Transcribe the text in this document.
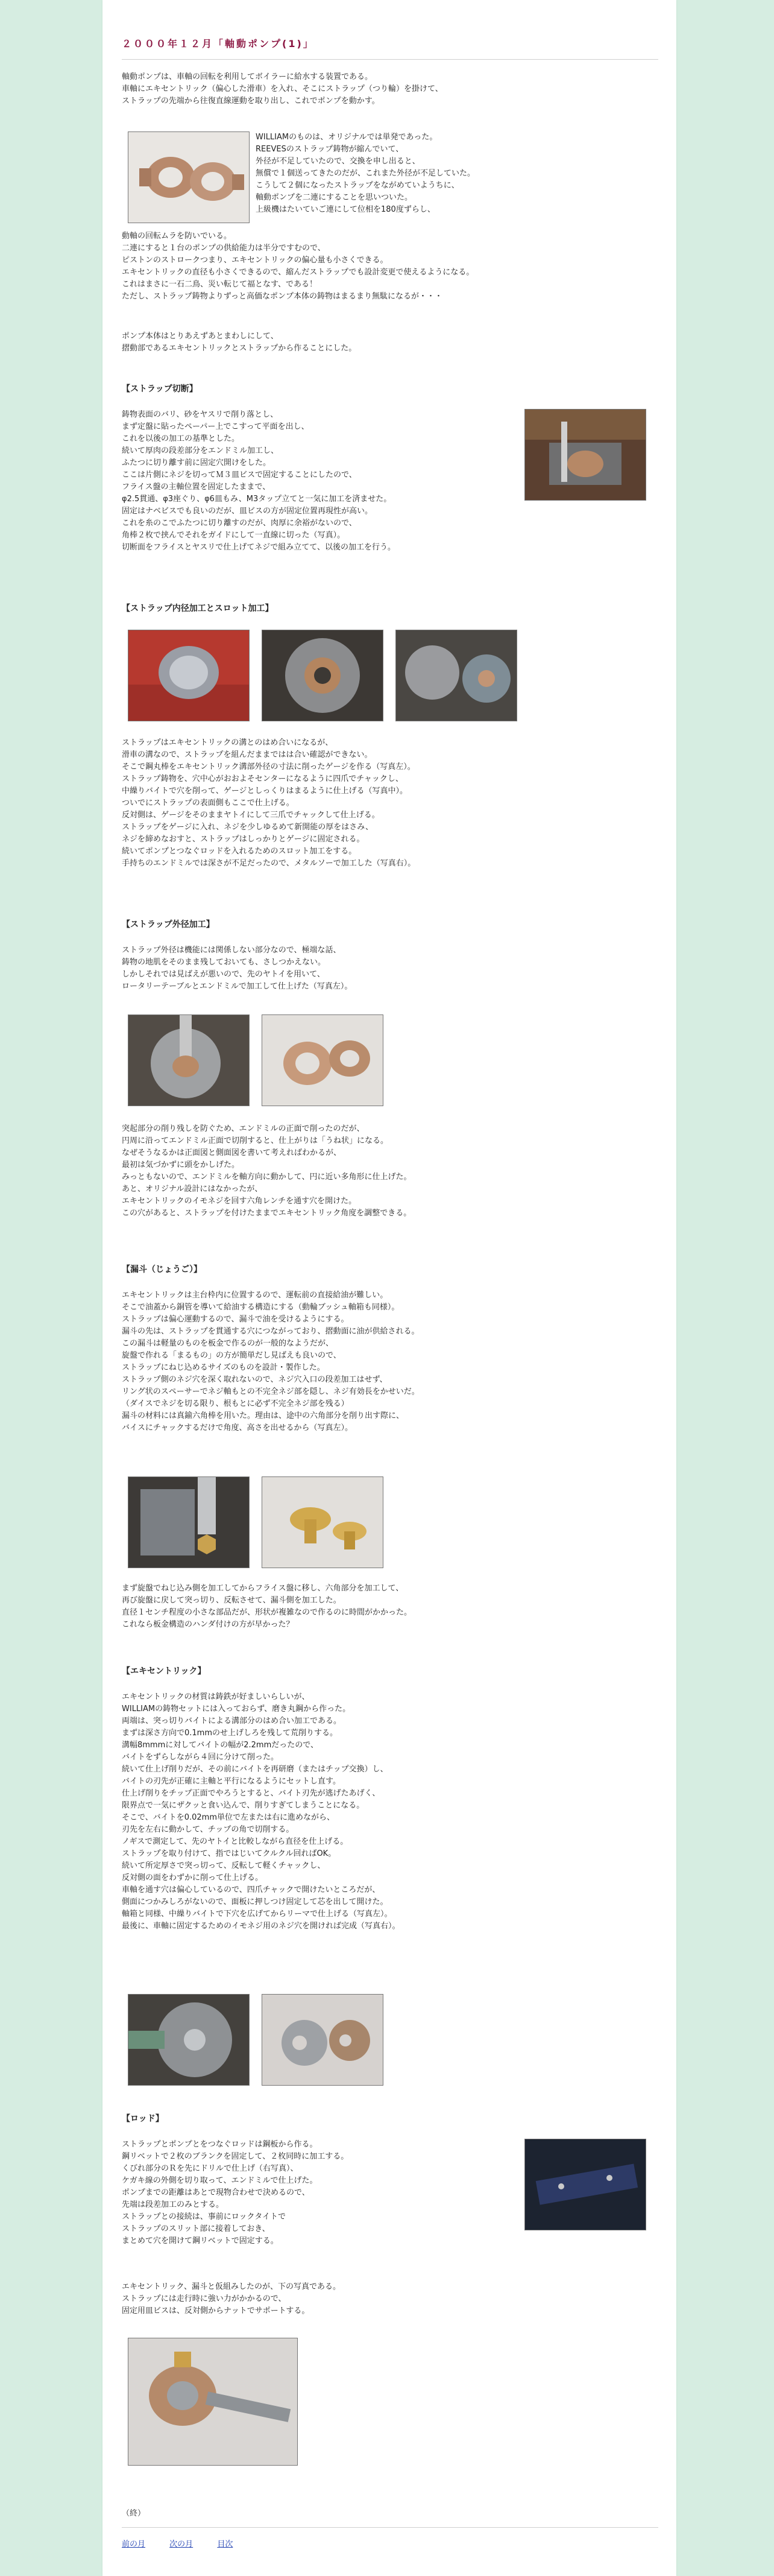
２０００年１２月「軸動ポンプ(1)」
軸動ポンプは、車軸の回転を利用してボイラーに給水する装置である。
車軸にエキセントリック（偏心した滑車）を入れ、そこにストラップ（つり輪）を掛けて、
ストラップの先端から往復直線運動を取り出し、これでポンプを動かす。
WILLIAMのものは、オリジナルでは単発であった。
REEVESのストラップ鋳物が縮んでいて、
外径が不足していたので、交換を申し出ると、
無償で１個送ってきたのだが、これまた外径が不足していた。
こうして２個になったストラップをながめていようちに、
軸動ポンプを二連にすることを思いついた。
上級機はたいていご連にして位相を180度ずらし、
動軸の回転ムラを防いでいる。
二連にすると１台のポンプの供給能力は半分ですむので、
ピストンのストロークつまり、エキセントリックの偏心量も小さくできる。
エキセントリックの直径も小さくできるので、縮んだストラップでも設計変更で使えるようになる。
これはまさに一石二鳥、災い転じて福となす、である！
ただし、ストラップ鋳物よりずっと高価なポンプ本体の鋳物はまるまり無駄になるが・・・
ポンプ本体はとりあえずあとまわしにして、
摺動部であるエキセントリックとストラップから作ることにした。
【ストラップ切断】
鋳物表面のバリ、砂をヤスリで削り落とし、
まず定盤に貼ったペーパー上でこすって平面を出し、
これを以後の加工の基準とした。
続いて厚肉の段差部分をエンドミル加工し、
ふたつに切り離す前に固定穴開けをした。
ここは片側にネジを切ってＭ３皿ビスで固定することにしたので、
フライス盤の主軸位置を固定したままで、
φ2.5貫通、φ3座ぐり、φ6皿もみ、M3タップ立てと一気に加工を済ませた。
固定はナベビスでも良いのだが、皿ビスの方が固定位置再現性が高い。
これを糸のこでふたつに切り離すのだが、肉厚に余裕がないので、
角棒２枚で挟んでそれをガイドにして一直線に切った（写真）。
切断面をフライスとヤスリで仕上げてネジで組み立てて、以後の加工を行う。
【ストラップ内径加工とスロット加工】
ストラップはエキセントリックの溝とのはめ合いになるが、
滑車の溝なので、ストラップを組んだままではは合い確認ができない。
そこで鋼丸棒をエキセントリック溝部外径の寸法に削ったゲージを作る（写真左）。
ストラップ鋳物を、穴中心がおおよそセンターになるように四爪でチャックし、
中繰りバイトで穴を削って、ゲージとしっくりはまるように仕上げる（写真中）。
ついでにストラップの表面側もここで仕上げる。
反対側は、ゲージをそのままヤトイにして三爪でチャックして仕上げる。
ストラップをゲージに入れ、ネジを少しゆるめて新開能の厚をはさみ、
ネジを締めなおすと、ストラップはしっかりとゲージに固定される。
続いてポンプとつなぐロッドを入れるためのスロット加工をする。
手持ちのエンドミルでは深さが不足だったので、メタルソーで加工した（写真右）。
【ストラップ外径加工】
ストラップ外径は機能には関係しない部分なので、極端な話、
鋳物の地肌をそのまま残しておいても、さしつかえない。
しかしそれでは見ばえが悪いので、先のヤトイを用いて、
ロータリーテーブルとエンドミルで加工して仕上げた（写真左）。
突起部分の削り残しを防ぐため、エンドミルの正面で削ったのだが、
円周に沿ってエンドミル正面で切削すると、仕上がりは「うね状」になる。
なぜそうなるかは正面図と側面図を書いて考えればわかるが、
最初は気づかずに頭をかしげた。
みっともないので、エンドミルを軸方向に動かして、円に近い多角形に仕上げた。
あと、オリジナル設計にはなかったが、
エキセントリックのイモネジを回す六角レンチを通す穴を開けた。
この穴があると、ストラップを付けたままでエキセントリック角度を調整できる。
【漏斗（じょうご）】
エキセントリックは主台枠内に位置するので、運転前の直接給油が難しい。
そこで油蓋から銅管を導いて給油する構造にする（動輪ブッシュ軸箱も同様）。
ストラップは偏心運動するので、漏斗で油を受けるようにする。
漏斗の先は、ストラップを貫通する穴につながっており、摺動面に油が供給される。
この漏斗は軽量のものを板金で作るのが一般的なようだが、
旋盤で作れる「まるもの」の方が簡単だし見ばえも良いので、
ストラップにねじ込めるサイズのものを設計・製作した。
ストラップ側のネジ穴を深く取れないので、ネジ穴入口の段差加工はせず、
リング状のスペーサーでネジ軸もとの不完全ネジ部を隠し、ネジ有効長をかせいだ。
（ダイスでネジを切る限り、根もとに必ず不完全ネジ部を残る）
漏斗の材料には真鍮六角棒を用いた。理由は、途中の六角部分を削り出す際に、
バイスにチャックするだけで角度、高さを出せるから（写真左）。
まず旋盤でねじ込み側を加工してからフライス盤に移し、六角部分を加工して、
再び旋盤に戻して突っ切り、反転させて、漏斗側を加工した。
直径１センチ程度の小さな部品だが、形状が複雑なので作るのに時間がかかった。
これなら板金構造のハンダ付けの方が早かった？
【エキセントリック】
エキセントリックの材質は鋳鉄が好ましいらしいが、
WILLIAMの鋳物セットには入っておらず、磨き丸鋼から作った。
両端は、突っ切りバイトによる溝部分のはめ合い加工である。
まずは深さ方向で0.1mmのせ上げしろを残して荒削りする。
溝幅8mmmに対してバイトの幅が2.2mmだったので、
バイトをずらしながら４回に分けて削った。
続いて仕上げ削りだが、その前にバイトを再研磨（またはチップ交換）し、
バイトの刃先が正確に主軸と平行になるようにセットし直す。
仕上げ削りをチップ正面でやろうとすると、バイト刃先が逃げたあげく、
限界点で一気にザクッと食い込んで、削りすぎてしまうことになる。
そこで、バイトを0.02mm単位で左または右に進めながら、
刃先を左右に動かして、チップの角で切削する。
ノギスで測定して、先のヤトイと比較しながら直径を仕上げる。
ストラップを取り付けて、指ではじいてクルクル回ればOK。
続いて所定厚さで突っ切って、反転して軽くチャックし、
反対側の面をわずかに削って仕上げる。
車軸を通す穴は偏心しているので、四爪チャックで開けたいところだが、
側面につかみしろがないので、面板に押しつけ固定して芯を出して開けた。
軸箱と同様、中繰りバイトで下穴を広げてからリーマで仕上げる（写真左）。
最後に、車軸に固定するためのイモネジ用のネジ穴を開ければ完成（写真右）。
【ロッド】
ストラップとポンプとをつなぐロッドは鋼板から作る。
鋼リベットで２枚のブランクを固定して、２枚同時に加工する。
くびれ部分のＲを先にドリルで仕上げ（右写真）、
ケガキ線の外側を切り取って、エンドミルで仕上げた。
ポンプまでの距離はあとで現物合わせで決めるので、
先端は段差加工のみとする。
ストラップとの接続は、事前にロックタイトで
ストラップのスリット部に接着しておき、
まとめて穴を開けて鋼リベットで固定する。
エキセントリック、漏斗と仮組みしたのが、下の写真である。
ストラップには走行時に強い力がかかるので、
固定用皿ビスは、反対側からナットでサポートする。
（終）
前の月	次の月	目次
